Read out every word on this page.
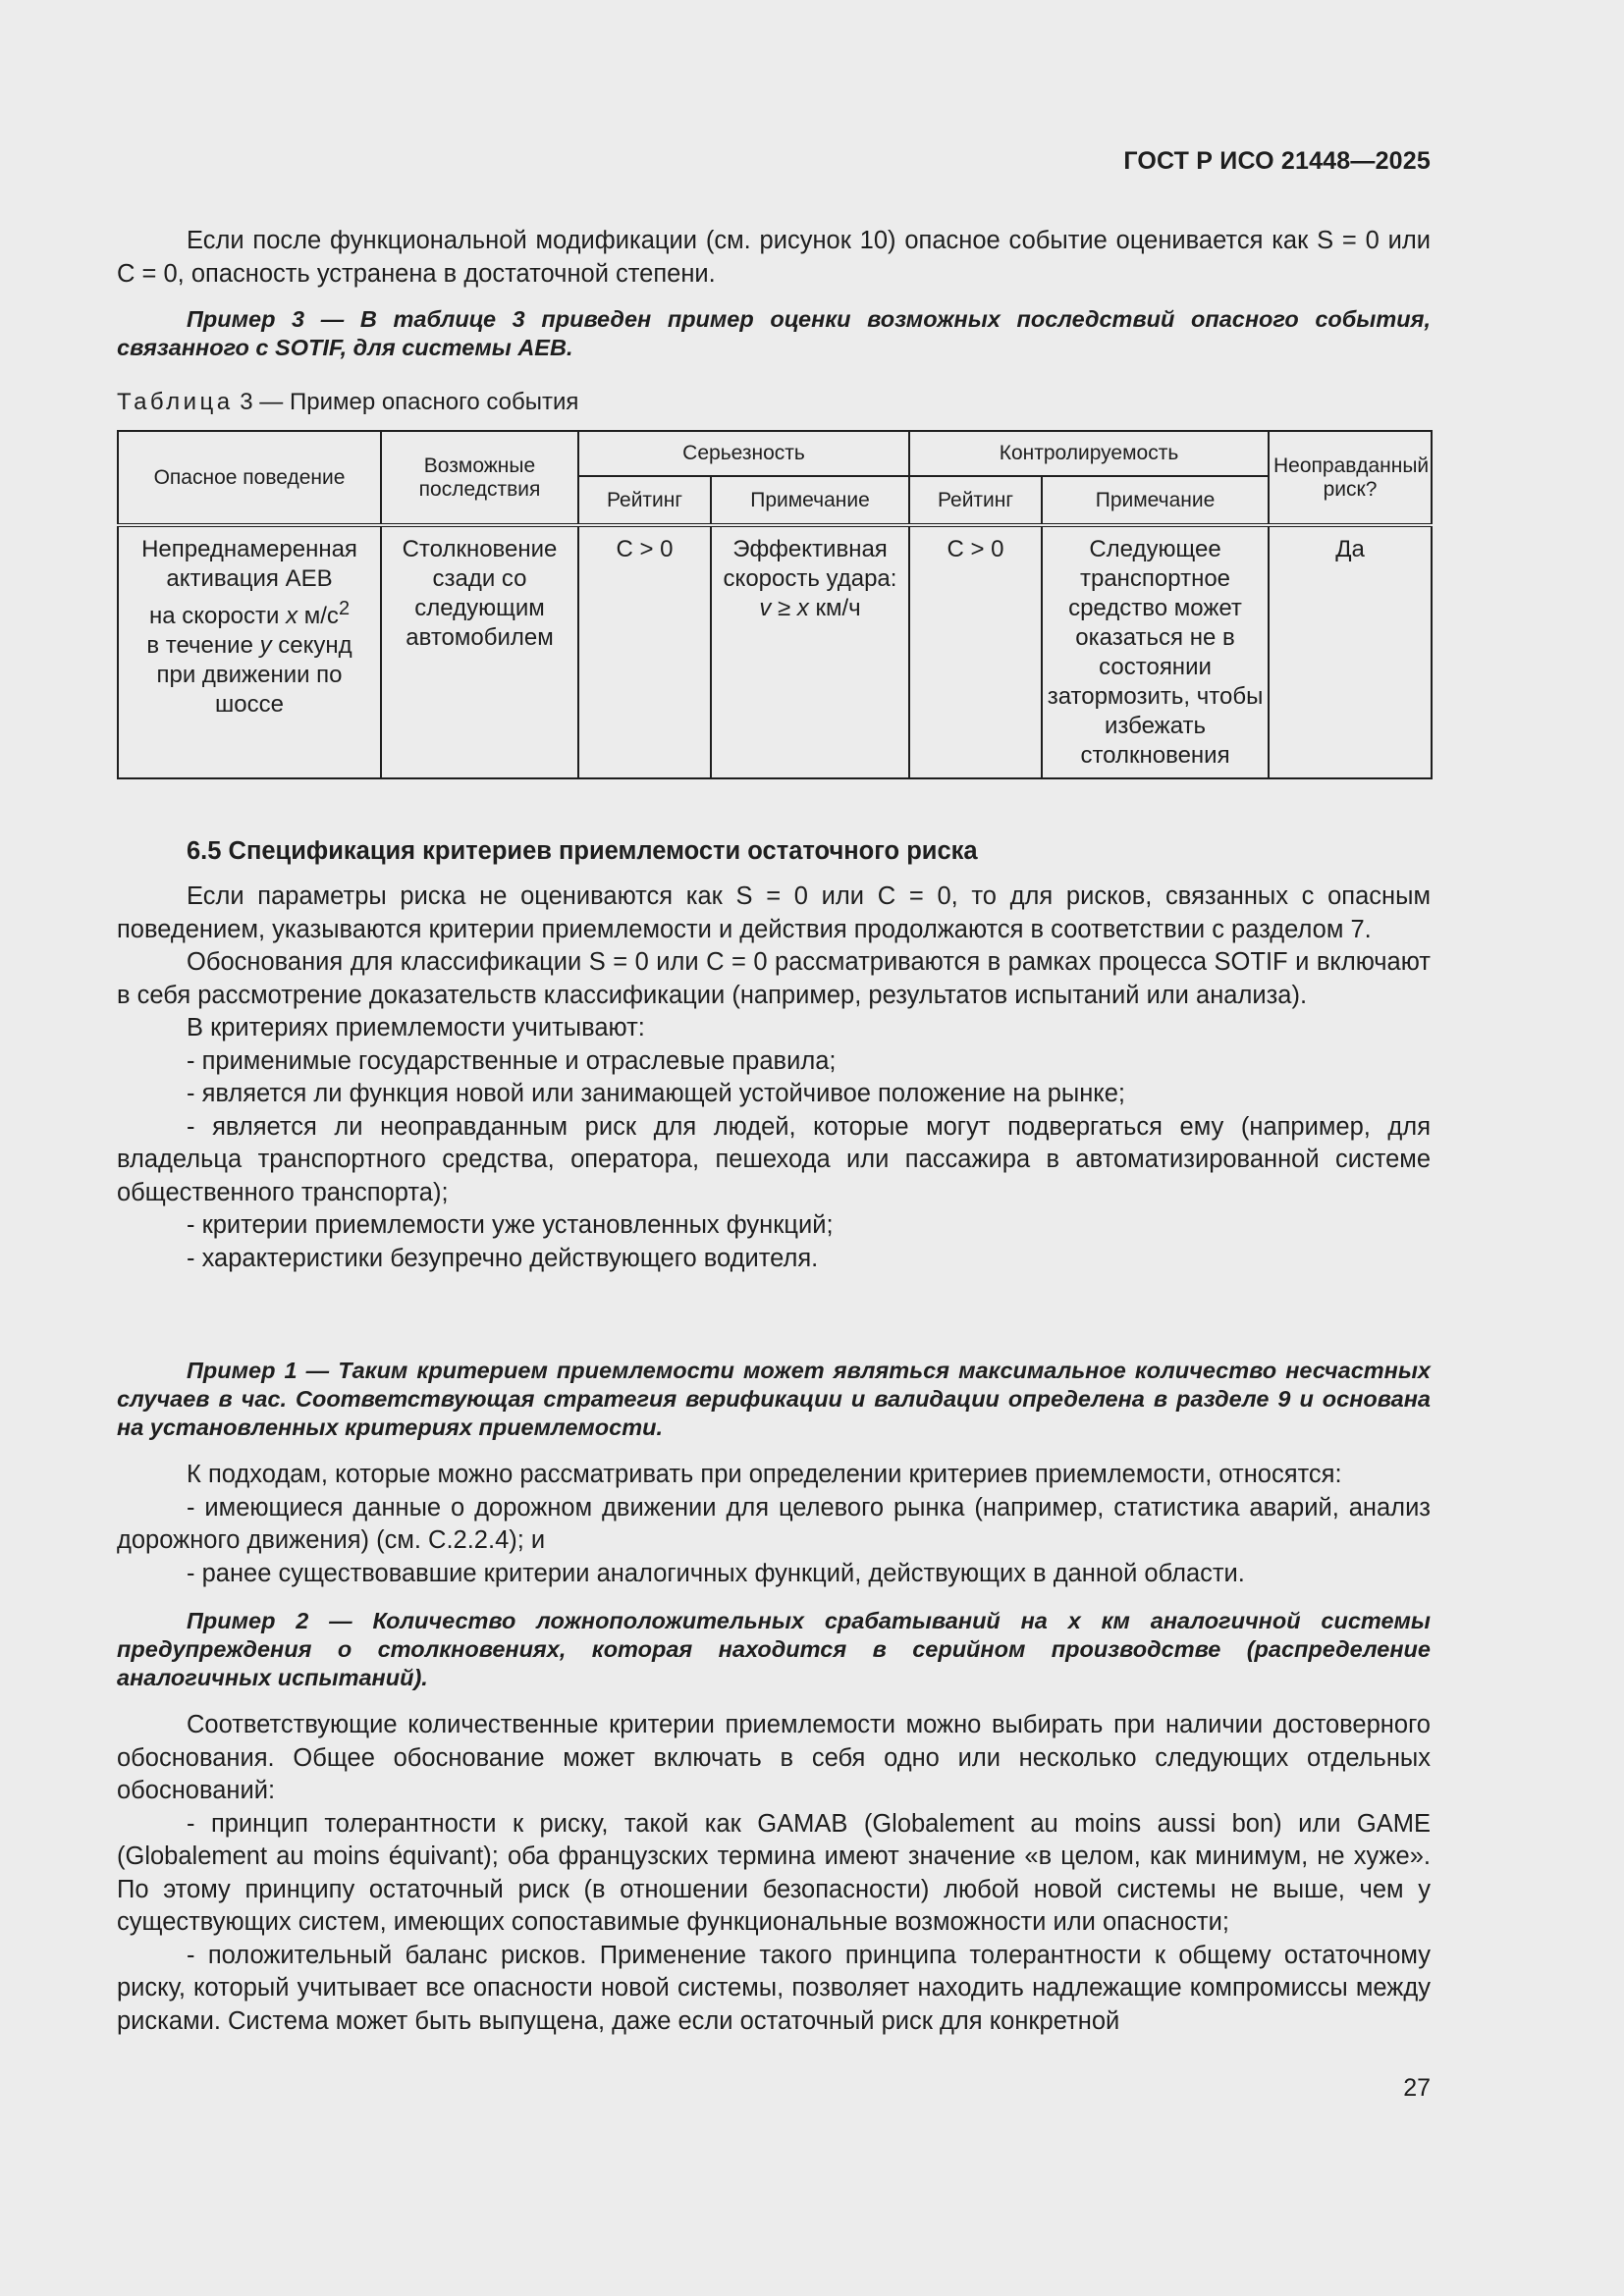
ГОСТ Р ИСО 21448—2025

Если после функциональной модификации (см. рисунок 10) опасное событие оценивается как S = 0 или C = 0, опасность устранена в достаточной степени.

Пример 3 — В таблице 3 приведен пример оценки возможных последствий опасного события, связанного с SOTIF, для системы AEB.

Таблица 3 — Пример опасного события
Опасное поведение	Возможные последствия	Серьезность		Контролируемость		Неоправданный риск?
		Рейтинг	Примечание	Рейтинг	Примечание	
Непреднамеренная активация AEB
на скорости x $м/с^2$
в течение y секунд
при движении по шоссе	Столкновение сзади со следующим автомобилем	C > 0	Эффективная скорость удара:
v ≥ x км/ч	C > 0	Следующее транспортное средство может оказаться не в состоянии затормозить, чтобы избежать столкновения	Да
6.5 Спецификация критериев приемлемости остаточного риска

Если параметры риска не оцениваются как S = 0 или C = 0, то для рисков, связанных с опасным поведением, указываются критерии приемлемости и действия продолжаются в соответствии с разделом 7.

Обоснования для классификации S = 0 или C = 0 рассматриваются в рамках процесса SOTIF и включают в себя рассмотрение доказательств классификации (например, результатов испытаний или анализа).

В критериях приемлемости учитывают:

- применимые государственные и отраслевые правила;

- является ли функция новой или занимающей устойчивое положение на рынке;

- является ли неоправданным риск для людей, которые могут подвергаться ему (например, для владельца транспортного средства, оператора, пешехода или пассажира в автоматизированной системе общественного транспорта);

- критерии приемлемости уже установленных функций;

- характеристики безупречно действующего водителя.

Пример 1 — Таким критерием приемлемости может являться максимальное количество несчастных случаев в час. Соответствующая стратегия верификации и валидации определена в разделе 9 и основана на установленных критериях приемлемости.

К подходам, которые можно рассматривать при определении критериев приемлемости, относятся:

- имеющиеся данные о дорожном движении для целевого рынка (например, статистика аварий, анализ дорожного движения) (см. С.2.2.4); и

- ранее существовавшие критерии аналогичных функций, действующих в данной области.

Пример 2 — Количество ложноположительных срабатываний на x км аналогичной системы предупреждения о столкновениях, которая находится в серийном производстве (распределение аналогичных испытаний).

Соответствующие количественные критерии приемлемости можно выбирать при наличии достоверного обоснования. Общее обоснование может включать в себя одно или несколько следующих отдельных обоснований:

- принцип толерантности к риску, такой как GAMAB (Globalement au moins aussi bon) или GAME (Globalement au moins équivant); оба французских термина имеют значение «в целом, как минимум, не хуже». По этому принципу остаточный риск (в отношении безопасности) любой новой системы не выше, чем у существующих систем, имеющих сопоставимые функциональные возможности или опасности;

- положительный баланс рисков. Применение такого принципа толерантности к общему остаточному риску, который учитывает все опасности новой системы, позволяет находить надлежащие компромиссы между рисками. Система может быть выпущена, даже если остаточный риск для конкретной

27
